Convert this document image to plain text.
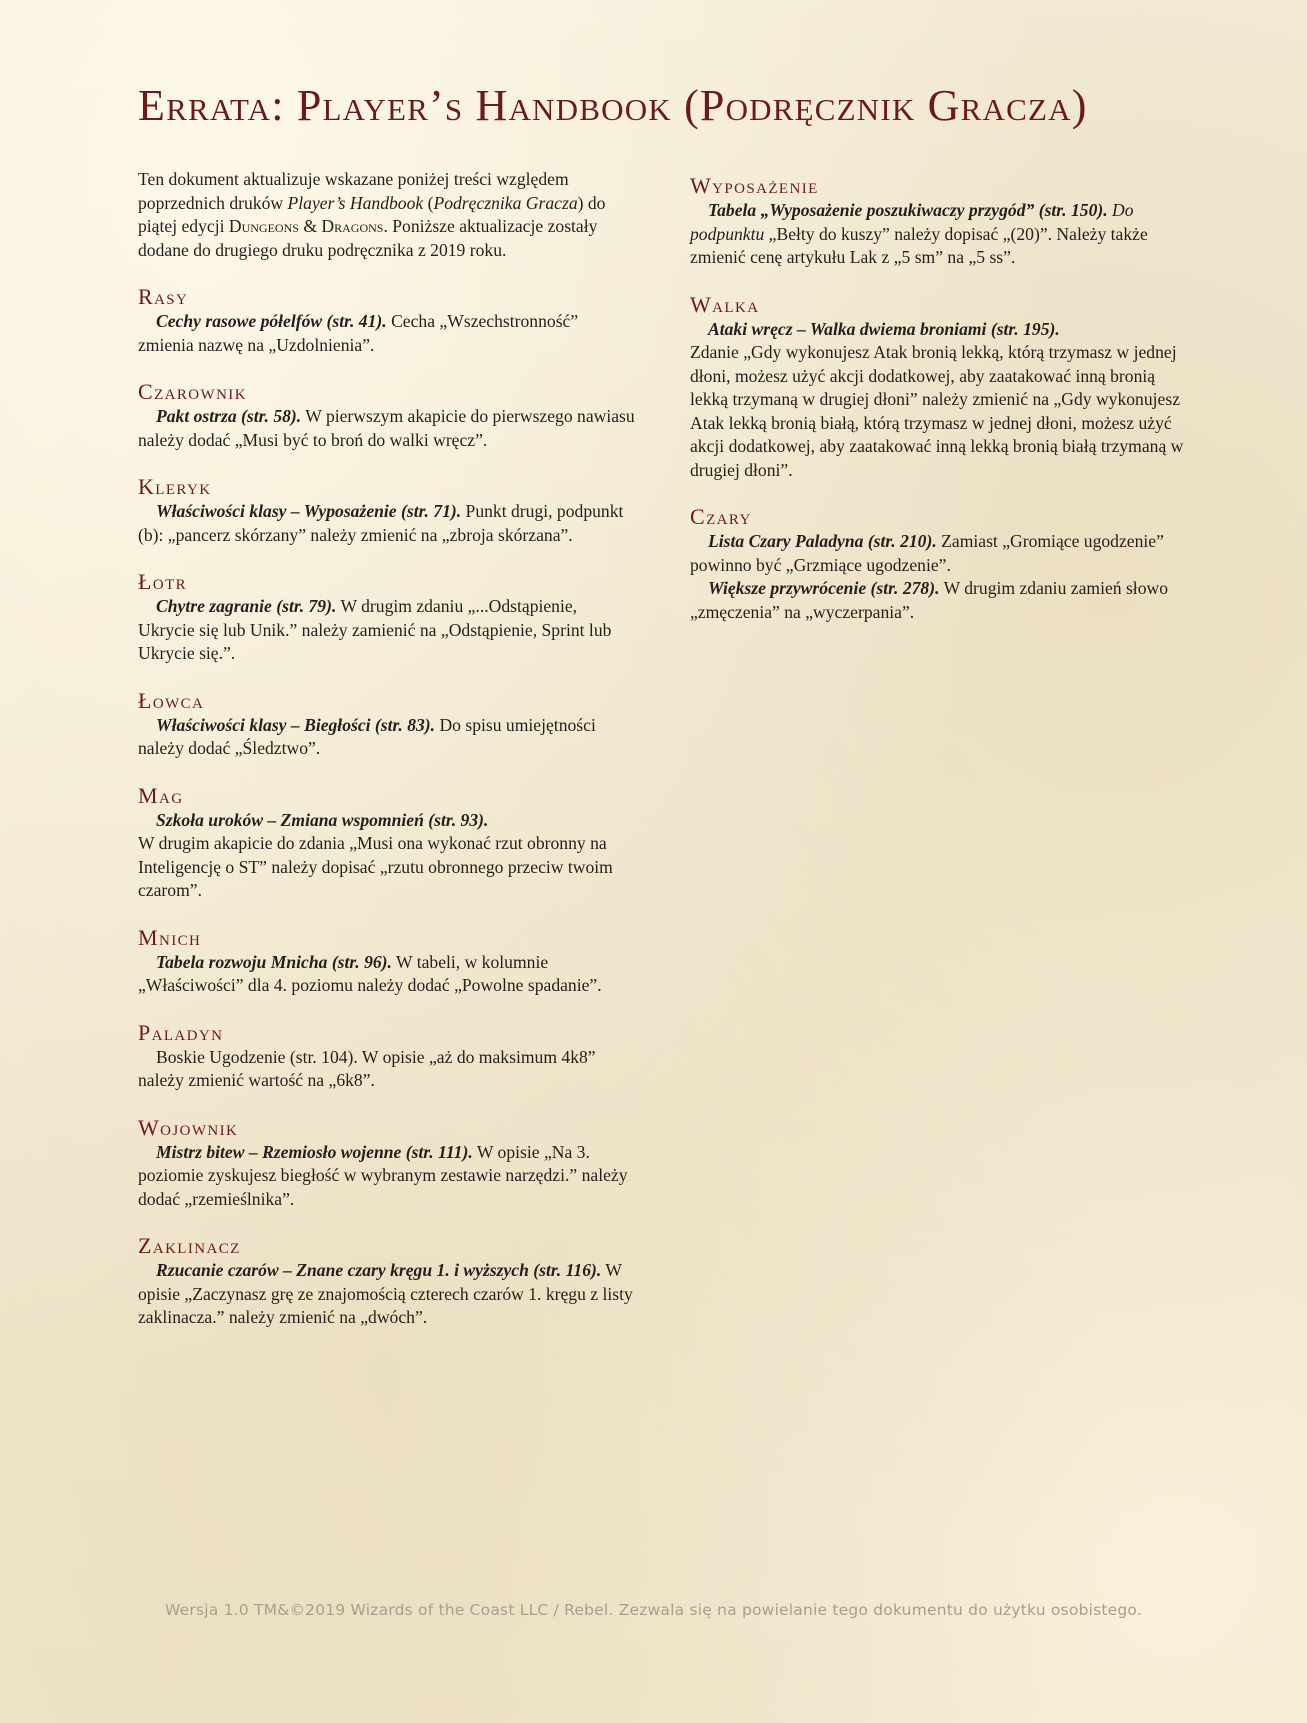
Errata: Player’s Handbook (Podręcznik Gracza)

Ten dokument aktualizuje wskazane poniżej treści względem poprzednich druków Player’s Handbook (Podręcznika Gracza) do piątej edycji Dungeons & Dragons. Poniższe aktualizacje zostały dodane do drugiego druku podręcznika z 2019 roku.

Rasy

Cechy rasowe półelfów (str. 41). Cecha „Wszechstronność” zmienia nazwę na „Uzdolnienia”.

Czarownik

Pakt ostrza (str. 58). W pierwszym akapicie do pierwszego nawiasu należy dodać „Musi być to broń do walki wręcz”.

Kleryk

Właściwości klasy – Wyposażenie (str. 71). Punkt drugi, podpunkt (b): „pancerz skórzany” należy zmienić na „zbroja skórzana”.

Łotr

Chytre zagranie (str. 79). W drugim zdaniu „...Odstąpienie, Ukrycie się lub Unik.” należy zamienić na „Odstąpienie, Sprint lub Ukrycie się.”.

Łowca

Właściwości klasy – Biegłości (str. 83). Do spisu umiejętności należy dodać „Śledztwo”.

Mag

Szkoła uroków – Zmiana wspomnień (str. 93).

W drugim akapicie do zdania „Musi ona wykonać rzut obronny na Inteligencję o ST” należy dopisać „rzutu obronnego przeciw twoim czarom”.

Mnich

Tabela rozwoju Mnicha (str. 96). W tabeli, w kolumnie „Właściwości” dla 4. poziomu należy dodać „Powolne spadanie”.

Paladyn

Boskie Ugodzenie (str. 104). W opisie „aż do maksimum 4k8” należy zmienić wartość na „6k8”.

Wojownik

Mistrz bitew – Rzemiosło wojenne (str. 111). W opisie „Na 3. poziomie zyskujesz biegłość w wybranym zestawie narzędzi.” należy dodać „rzemieślnika”.

Zaklinacz

Rzucanie czarów – Znane czary kręgu 1. i wyższych (str. 116). W opisie „Zaczynasz grę ze znajomością czterech czarów 1. kręgu z listy zaklinacza.” należy zmienić na „dwóch”.

Wyposażenie

Tabela „Wyposażenie poszukiwaczy przygód” (str. 150). Do podpunktu „Bełty do kuszy” należy dopisać „(20)”. Należy także zmienić cenę artykułu Lak z „5 sm” na „5 ss”.

Walka

Ataki wręcz – Walka dwiema broniami (str. 195).

Zdanie „Gdy wykonujesz Atak bronią lekką, którą trzymasz w jednej dłoni, możesz użyć akcji dodatkowej, aby zaatakować inną bronią lekką trzymaną w drugiej dłoni” należy zmienić na „Gdy wykonujesz Atak lekką bronią białą, którą trzymasz w jednej dłoni, możesz użyć akcji dodatkowej, aby zaatakować inną lekką bronią białą trzymaną w drugiej dłoni”.

Czary

Lista Czary Paladyna (str. 210). Zamiast „Gromiące ugodzenie” powinno być „Grzmiące ugodzenie”.

Większe przywrócenie (str. 278). W drugim zdaniu zamień słowo „zmęczenia” na „wyczerpania”.

Wersja 1.0 TM&©2019 Wizards of the Coast LLC / Rebel. Zezwala się na powielanie tego dokumentu do użytku osobistego.
